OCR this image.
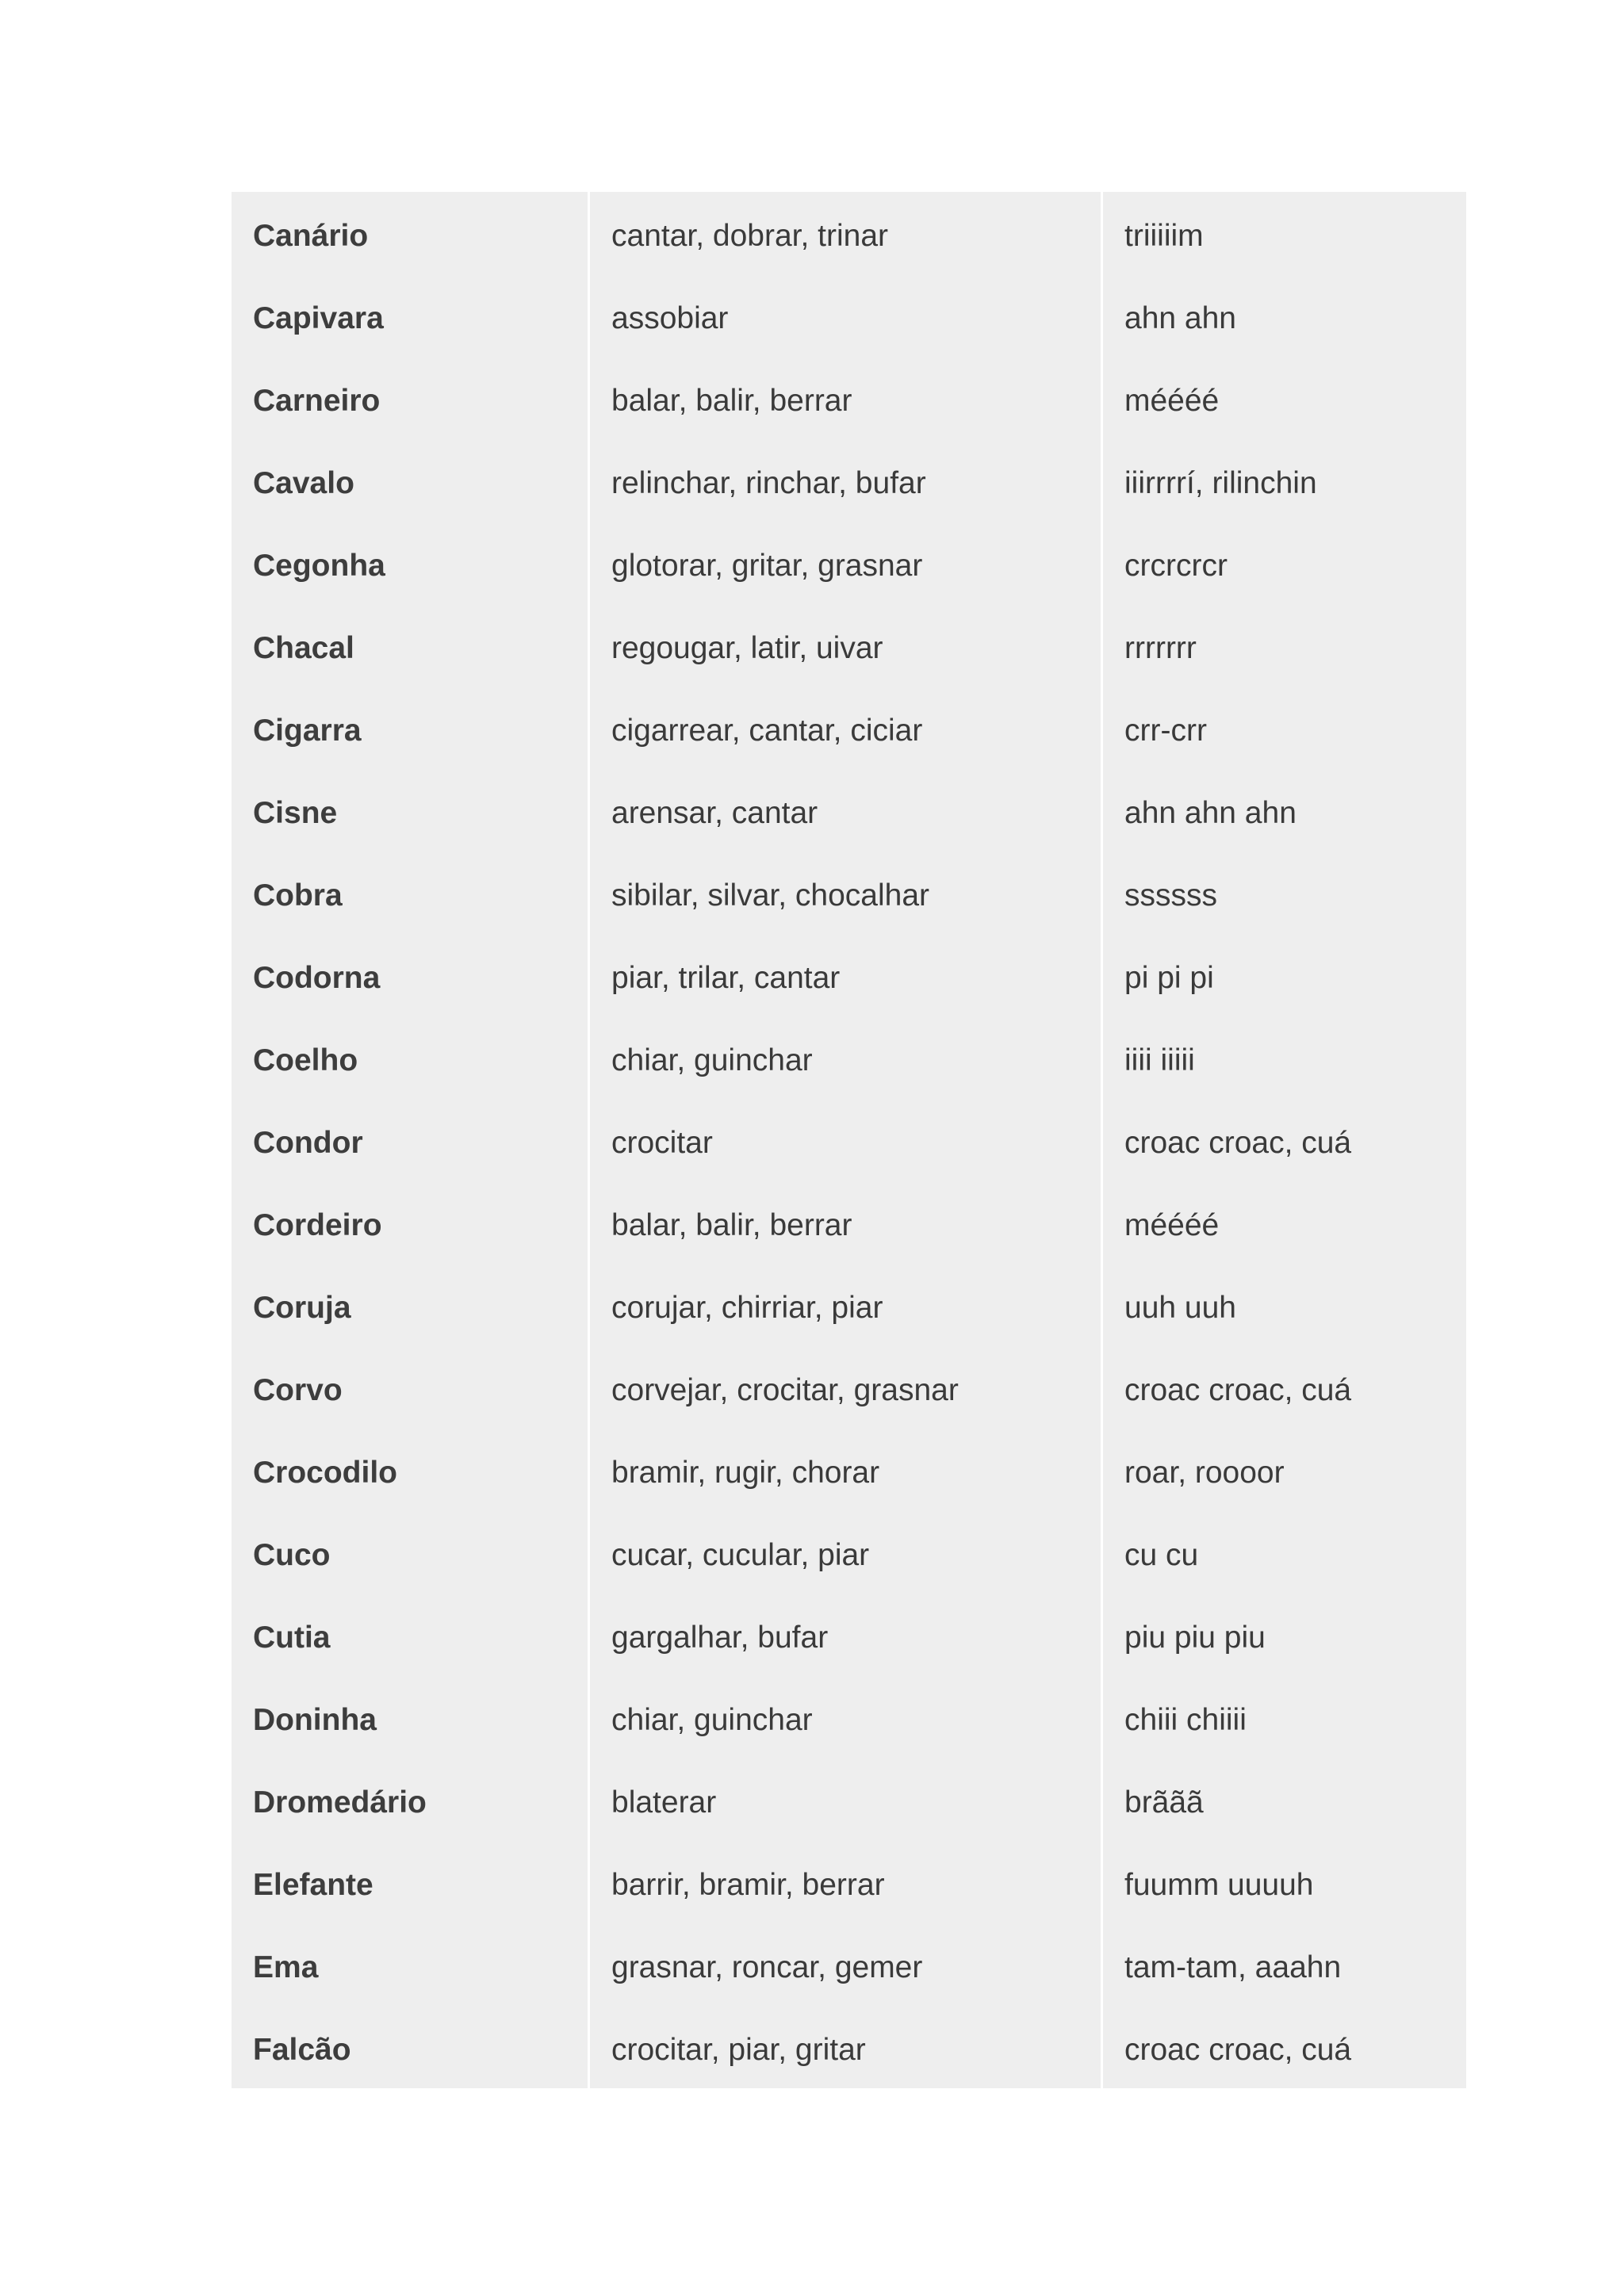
Canário
Capivara
Carneiro
Cavalo
Cegonha
Chacal
Cigarra
Cisne
Cobra
Codorna
Coelho
Condor
Cordeiro
Coruja
Corvo
Crocodilo
Cuco
Cutia
Doninha
Dromedário
Elefante
Ema
Falcão
cantar, dobrar, trinar
assobiar
balar, balir, berrar
relinchar, rinchar, bufar
glotorar, gritar, grasnar
regougar, latir, uivar
cigarrear, cantar, ciciar
arensar, cantar
sibilar, silvar, chocalhar
piar, trilar, cantar
chiar, guinchar
crocitar
balar, balir, berrar
corujar, chirriar, piar
corvejar, crocitar, grasnar
bramir, rugir, chorar
cucar, cucular, piar
gargalhar, bufar
chiar, guinchar
blaterar
barrir, bramir, berrar
grasnar, roncar, gemer
crocitar, piar, gritar
triiiiim
ahn ahn
méééé
iiirrrrí, rilinchin
crcrcrcr
rrrrrrr
crr-crr
ahn ahn ahn
ssssss
pi pi pi
iiii iiiii
croac croac, cuá
méééé
uuh uuh
croac croac, cuá
roar, roooor
cu cu
piu piu piu
chiii chiiii
brããã
fuumm uuuuh
tam-tam, aaahn
croac croac, cuá
